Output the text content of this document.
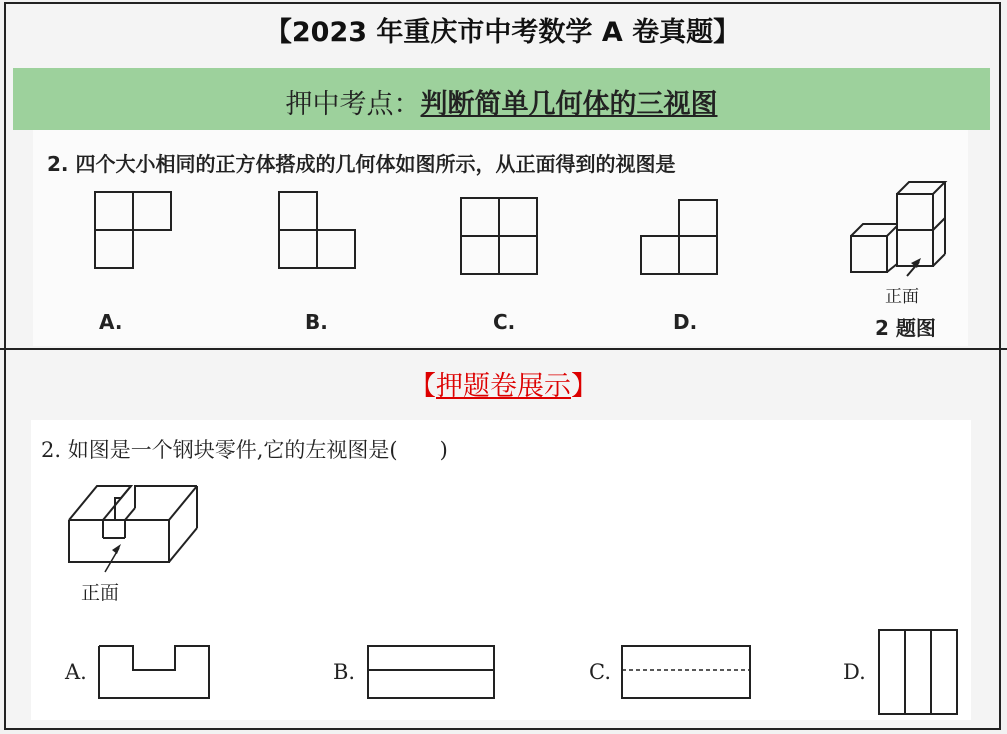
【2023 年重庆市中考数学 A 卷真题】
押中考点：判断简单几何体的三视图
2. 四个大小相同的正方体搭成的几何体如图所示，从正面得到的视图是
A.	B.	C.	D.
正面
2 题图
【押题卷展示】
2. 如图是一个钢块零件,它的左视图是(　　)
正面
A.	B.	C.	D.
